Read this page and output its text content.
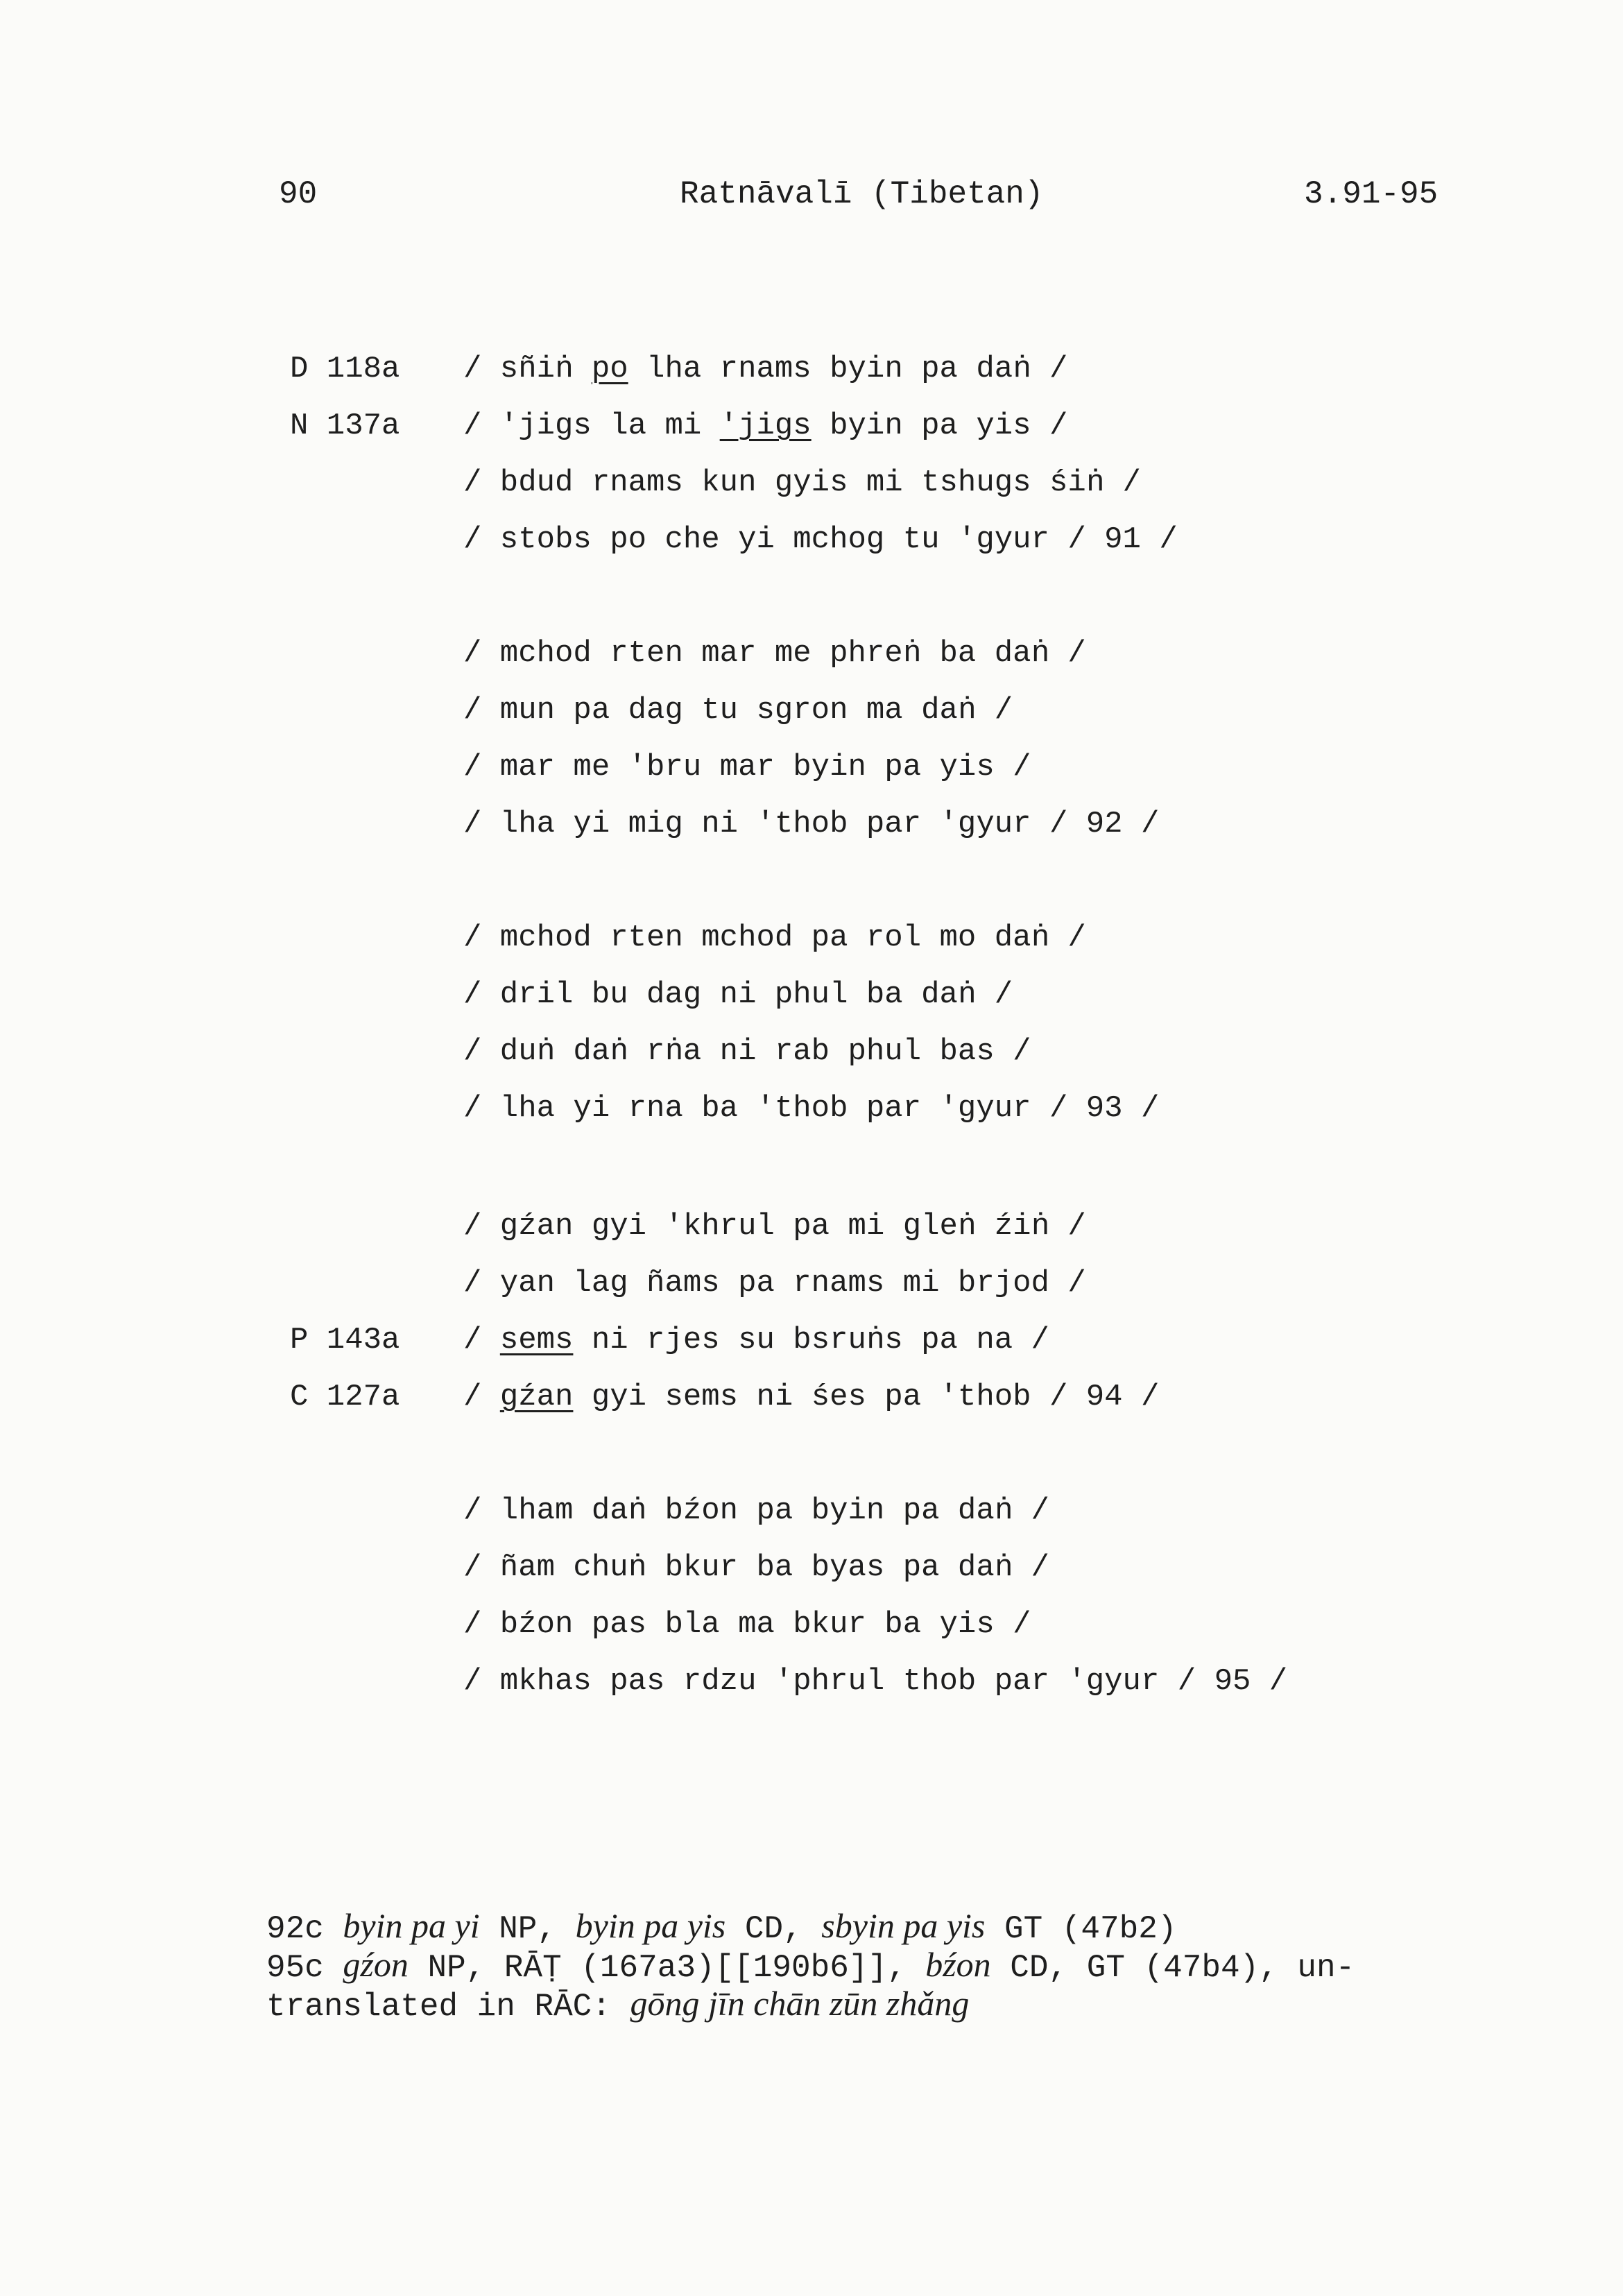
90	Ratnāvalī (Tibetan)	3.91-95
D 118a
N 137a
P 143a
C 127a
/ sñiṅ po lha rnams byin pa daṅ /
/ 'jigs la mi 'jigs byin pa yis /
/ bdud rnams kun gyis mi tshugs śiṅ /
/ stobs po che yi mchog tu 'gyur / 91 /
/ mchod rten mar me phreṅ ba daṅ /
/ mun pa dag tu sgron ma daṅ /
/ mar me 'bru mar byin pa yis /
/ lha yi mig ni 'thob par 'gyur / 92 /
/ mchod rten mchod pa rol mo daṅ /
/ dril bu dag ni phul ba daṅ /
/ duṅ daṅ rṅa ni rab phul bas /
/ lha yi rna ba 'thob par 'gyur / 93 /
/ gźan gyi 'khrul pa mi gleṅ źiṅ /
/ yan lag ñams pa rnams mi brjod /
/ sems ni rjes su bsruṅs pa na /
/ gźan gyi sems ni śes pa 'thob / 94 /
/ lham daṅ bźon pa byin pa daṅ /
/ ñam chuṅ bkur ba byas pa daṅ /
/ bźon pas bla ma bkur ba yis /
/ mkhas pas rdzu 'phrul thob par 'gyur / 95 /
92c byin pa yi NP, byin pa yis CD, sbyin pa yis GT (47b2)
95c gźon NP, RĀṬ (167a3)[[190b6]], bźon CD, GT (47b4), un-
translated in RĀC: gōng jīn chān zūn zhǎng
